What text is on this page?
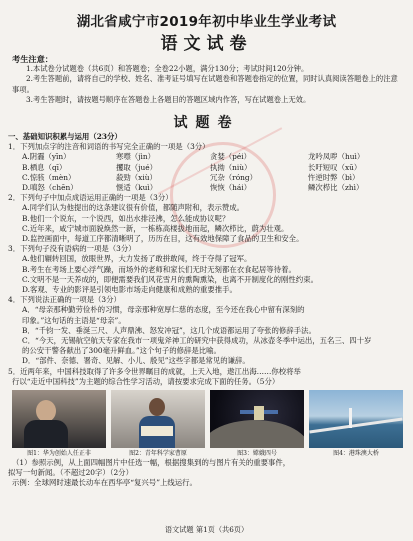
湖北省咸宁市2019年初中毕业生学业考试
语文试卷
考生注意：

1.本试卷分试题卷（共6页）和答题卷；全卷22小题，满分130分；考试时间120分钟。

2.考生答题前，请将自己的学校、姓名、准考证号填写在试题卷和答题卷指定的位置，同时认真阅读答题卷上的注意事项。

3.考生答题时，请按题号顺序在答题卷上各题目的答题区域内作答，写在试题卷上无效。

试题卷

一、基础知识积累与运用（23分）

1．下列加点字的注音和词语的书写完全正确的一项是（3分）

A.阴霾（yīn）	寒噤（jìn）	贪婪（péi）	龙吟凤哕（huì）
B.栖息（qī）	攫取（jué）	执拗（niù）	长吁短叹（xū）
C.惊骇（mèn）	殺勁（xiù）	冗杂（róng）	忤逆时弊（bì）
D.嗔怒（chēn）	惬适（kuì）	恢恢（hái）	鳞次栉比（zhì）

2．下列句子中加点成语运用正确的一项是（3分）

A.同学们认为他提出的这条建议很有价值，都随声附和，表示赞成。

B.他们一个说东，一个说西，如出水排泾沸，怎么能成协议呢？

C.近年来，咸宁城市面貌焕然一新，一栋栋高楼拔地而起，鳞次栉比，蔚为壮观。

D.监控画面中，每道工序都清晰明了，历历在目，这有效地保障了食品的卫生和安全。

3．下列句子没有语病的一项是（3分）

A.他们辗转回国，放眼世界，大力发扬了敢拼敢闯，终于夺得了冠军。

B.考生在考场上要心浮气躁，而场外的老师和家长们无时无刻都在衣食起居等待着。

C.文明不是一天养成的，即便需要我们风花雪月的熏陶熏染，也离不开制度化的刚性约束。

D.客观、专业的影评是引领电影市场走向健康和成熟的重要推手。

4．下列说法正确的一项是（3分）

A．“母亲那种勤劳俭朴的习惯，母亲那种宽厚仁慈的态度，至今还在我心中留有深刻的

印象。”这句话的主语是“母亲”。

B．“千钧一发、垂涎三尺、人声鼎沸、怒发冲冠”，这几个成语都运用了夸张的修辞手法。

C．“今天，无锡航空航天专家在我市一项鬼斧神工的研究中获得成功，从冰壶冬季中运出，五名三、四十岁

的公安干警各献出了300毫升鲜血。”这个句子的修辞是比喻。

D．“部件、奈德、署奇、见解、小儿、殷见”这些字都是常见的谦辞。

5．近两年来，中国科技取得了许多令世界瞩目的成就，上天入地，遨江出海……你校将举

行以“走近中国科技”为主题的综合性学习活动，请按要求完成下面的任务。（5分）

图1：华为创始人任正非	图2：青年科学家曹原	图3：嫦娥四号	图4：港珠澳大桥

（1）参照示例，从上面四幅图片中任选一幅，根据搜集到的与图片有关的重要事件，

拟写一句新闻。（不超过20字）（2分）

示例：全球网时速最长动车在西华亭“复兴号”上线运行。

语文试题 第1页（共6页）
